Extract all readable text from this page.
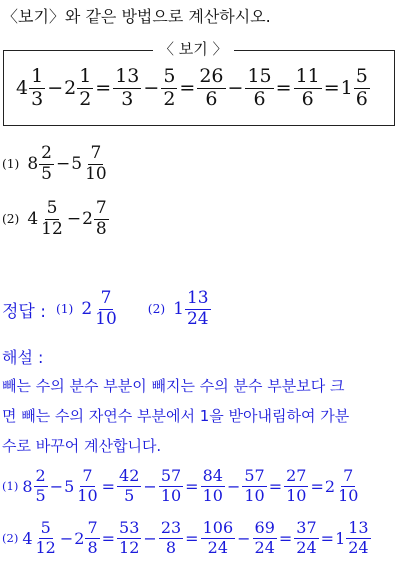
〈보기〉와 같은 방법으로 계산하시오.
〈 보기 〉
$4 \frac{1}{3} - 2 \frac{1}{2} = \frac{13}{3} - \frac{5}{2} = \frac{26}{6} - \frac{15}{6} = \frac{11}{6} = 1 \frac{5}{6}$
(1) $8 \frac{2}{5} - 5 \frac{7}{10}$
(2) $4 \frac{5}{12} - 2 \frac{7}{8}$
정답 : (1) $2 \frac{7}{10} (2)$ $1 \frac{13}{24}$
해설 :
빼는 수의 분수 부분이 빼지는 수의 분수 부분보다 크
면 빼는 수의 자연수 부분에서 1을 받아내림하여 가분
수로 바꾸어 계산합니다.
(1) $8 \frac{2}{5} - 5 \frac{7}{10} = \frac{42}{5} - \frac{57}{10} = \frac{84}{10} - \frac{57}{10} = \frac{27}{10} = 2 \frac{7}{10}$
(2) $4 \frac{5}{12} - 2 \frac{7}{8} = \frac{53}{12} - \frac{23}{8} = \frac{106}{24} - \frac{69}{24} = \frac{37}{24} = 1 \frac{13}{24}$
